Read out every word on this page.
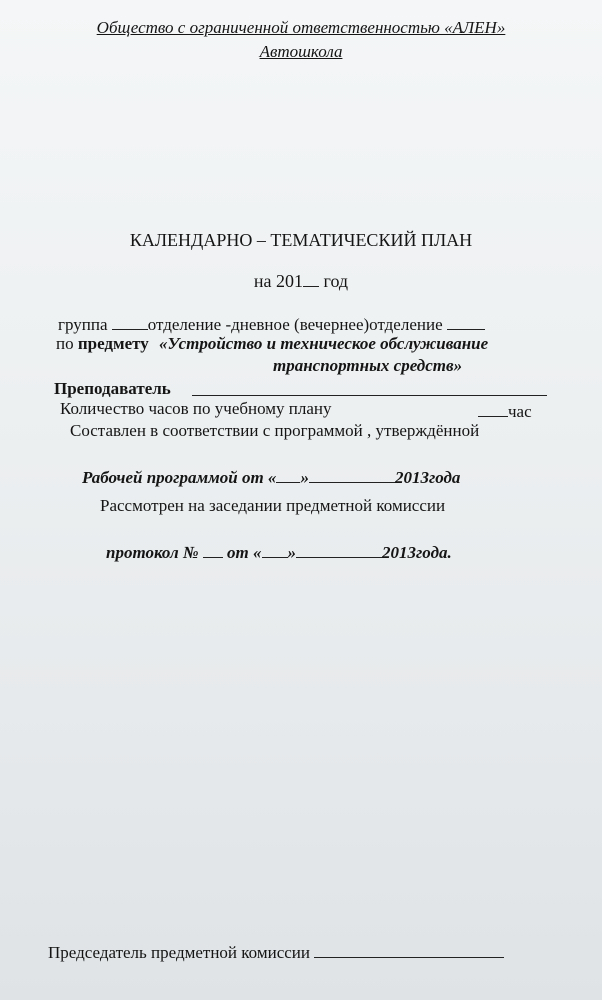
Общество с ограниченной ответственностью «АЛЕН»
Автошкола
КАЛЕНДАРНО – ТЕМАТИЧЕСКИЙ ПЛАН
на 201 год
группа отделение -дневное (вечернее)отделение
по предмету «Устройство и техническое обслуживание
транспортных средств»
Преподаватель
Количество часов по учебному плану	час
Составлен в соответствии с программой , утверждённой
Рабочей программой от « »	2013года
Рассмотрен на заседании предметной комиссии
протокол №  от « »	2013года.
Председатель предметной комиссии
